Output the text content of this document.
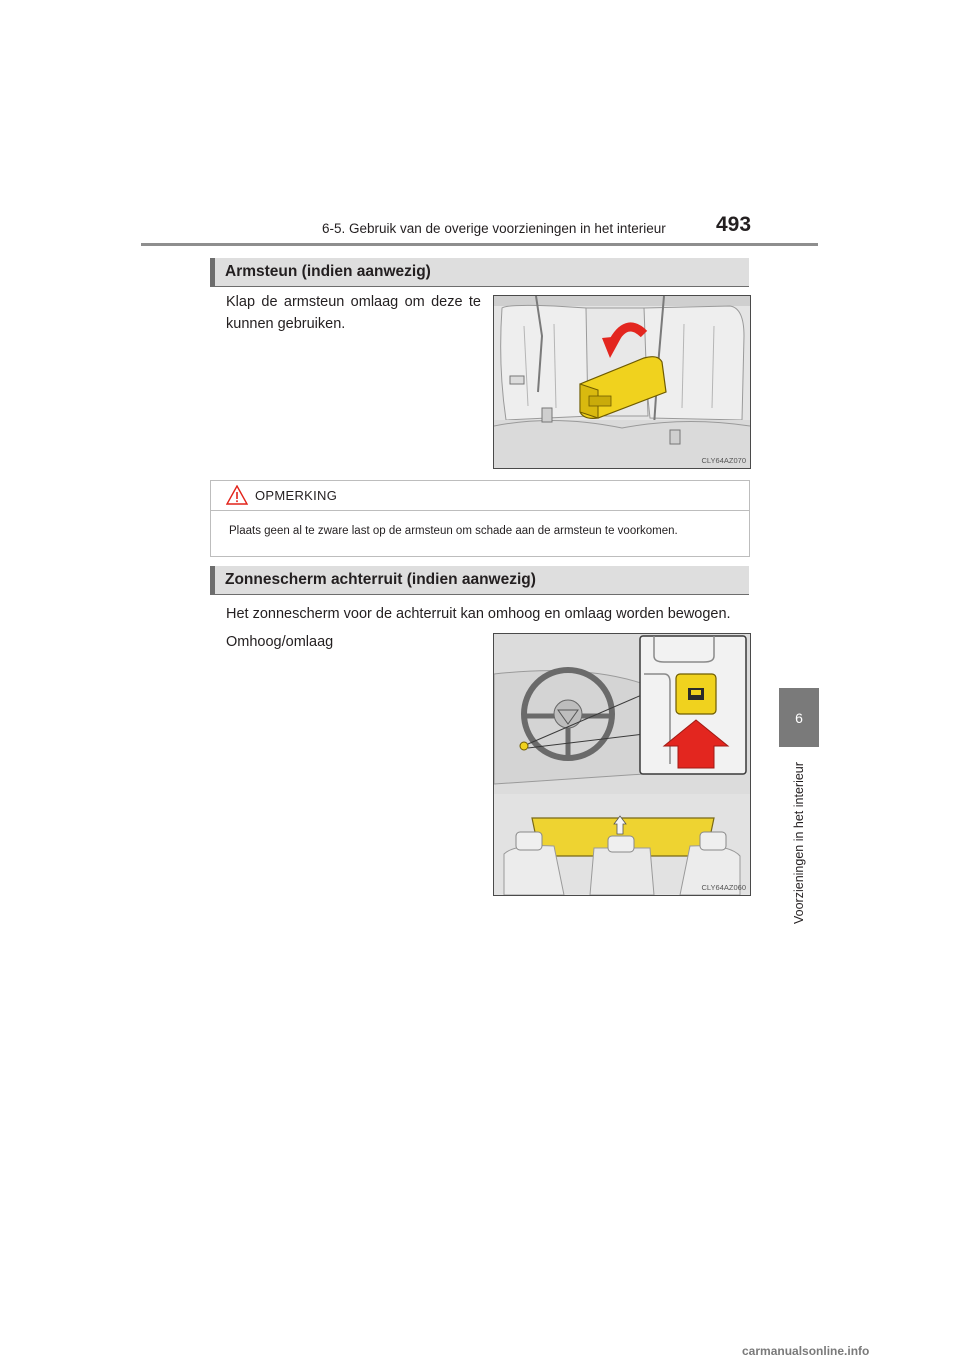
6-5. Gebruik van de overige voorzieningen in het interieur	493
6
Voorzieningen in het interieur
Armsteun (indien aanwezig)
Klap de armsteun omlaag om deze te kunnen gebruiken.
CLY64AZ070
OPMERKING
Plaats geen al te zware last op de armsteun om schade aan de armsteun te voorkomen.
Zonnescherm achterruit (indien aanwezig)
Het zonnescherm voor de achterruit kan omhoog en omlaag worden bewogen.
Omhoog/omlaag
CLY64AZ060
carmanualsonline.info
